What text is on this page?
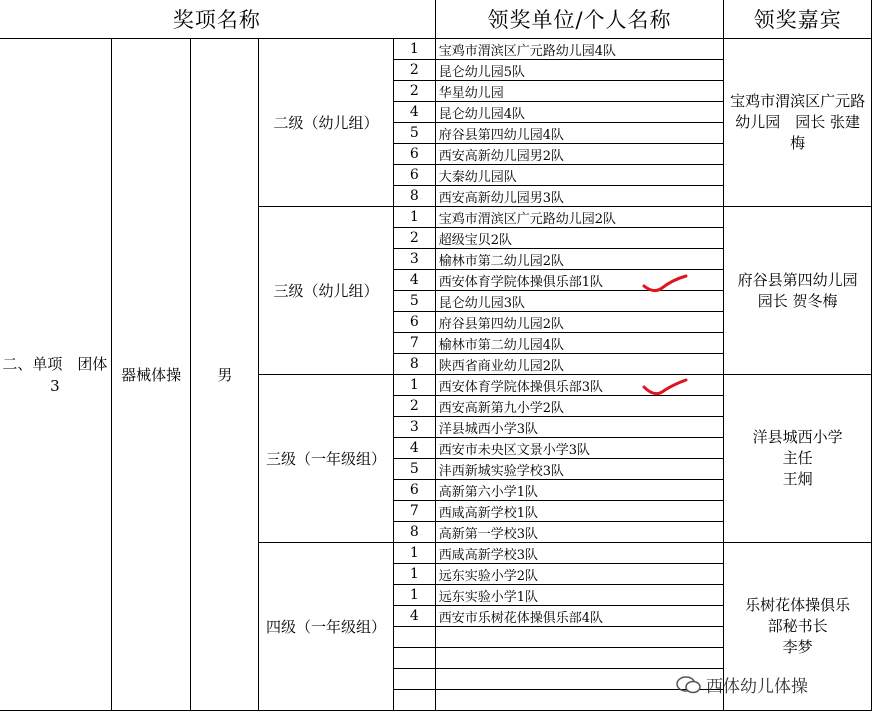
奖项名称					领奖单位/个人名称	领奖嘉宾
二、单项　团体3	器械体操	男	二级（幼儿组）	1	宝鸡市渭滨区广元路幼儿园4队	宝鸡市渭滨区广元路幼儿园　园长 张建梅
				2	昆仑幼儿园5队	
				2	华星幼儿园	
				4	昆仑幼儿园4队	
				5	府谷县第四幼儿园4队	
				6	西安高新幼儿园男2队	
				6	大秦幼儿园队	
				8	西安高新幼儿园男3队	
			三级（幼儿组）	1	宝鸡市渭滨区广元路幼儿园2队	府谷县第四幼儿园 园长 贺冬梅
				2	超级宝贝2队	
				3	榆林市第二幼儿园2队	
				4	西安体育学院体操俱乐部1队	
				5	昆仑幼儿园3队	
				6	府谷县第四幼儿园2队	
				7	榆林市第二幼儿园4队	
				8	陕西省商业幼儿园2队	
			三级（一年级组）	1	西安体育学院体操俱乐部3队	洋县城西小学
主任
王炯

				2	西安高新第九小学2队	
				3	洋县城西小学3队	
				4	西安市未央区文景小学3队	
				5	沣西新城实验学校3队	
				6	高新第六小学1队	
				7	西咸高新学校1队	
				8	高新第一学校3队	
			四级（一年级组）	1	西咸高新学校3队	乐树花体操俱乐
部秘书长
李梦

				1	远东实验小学2队	
				1	远东实验小学1队	
				4	西安市乐树花体操俱乐部4队	

西体幼儿体操
